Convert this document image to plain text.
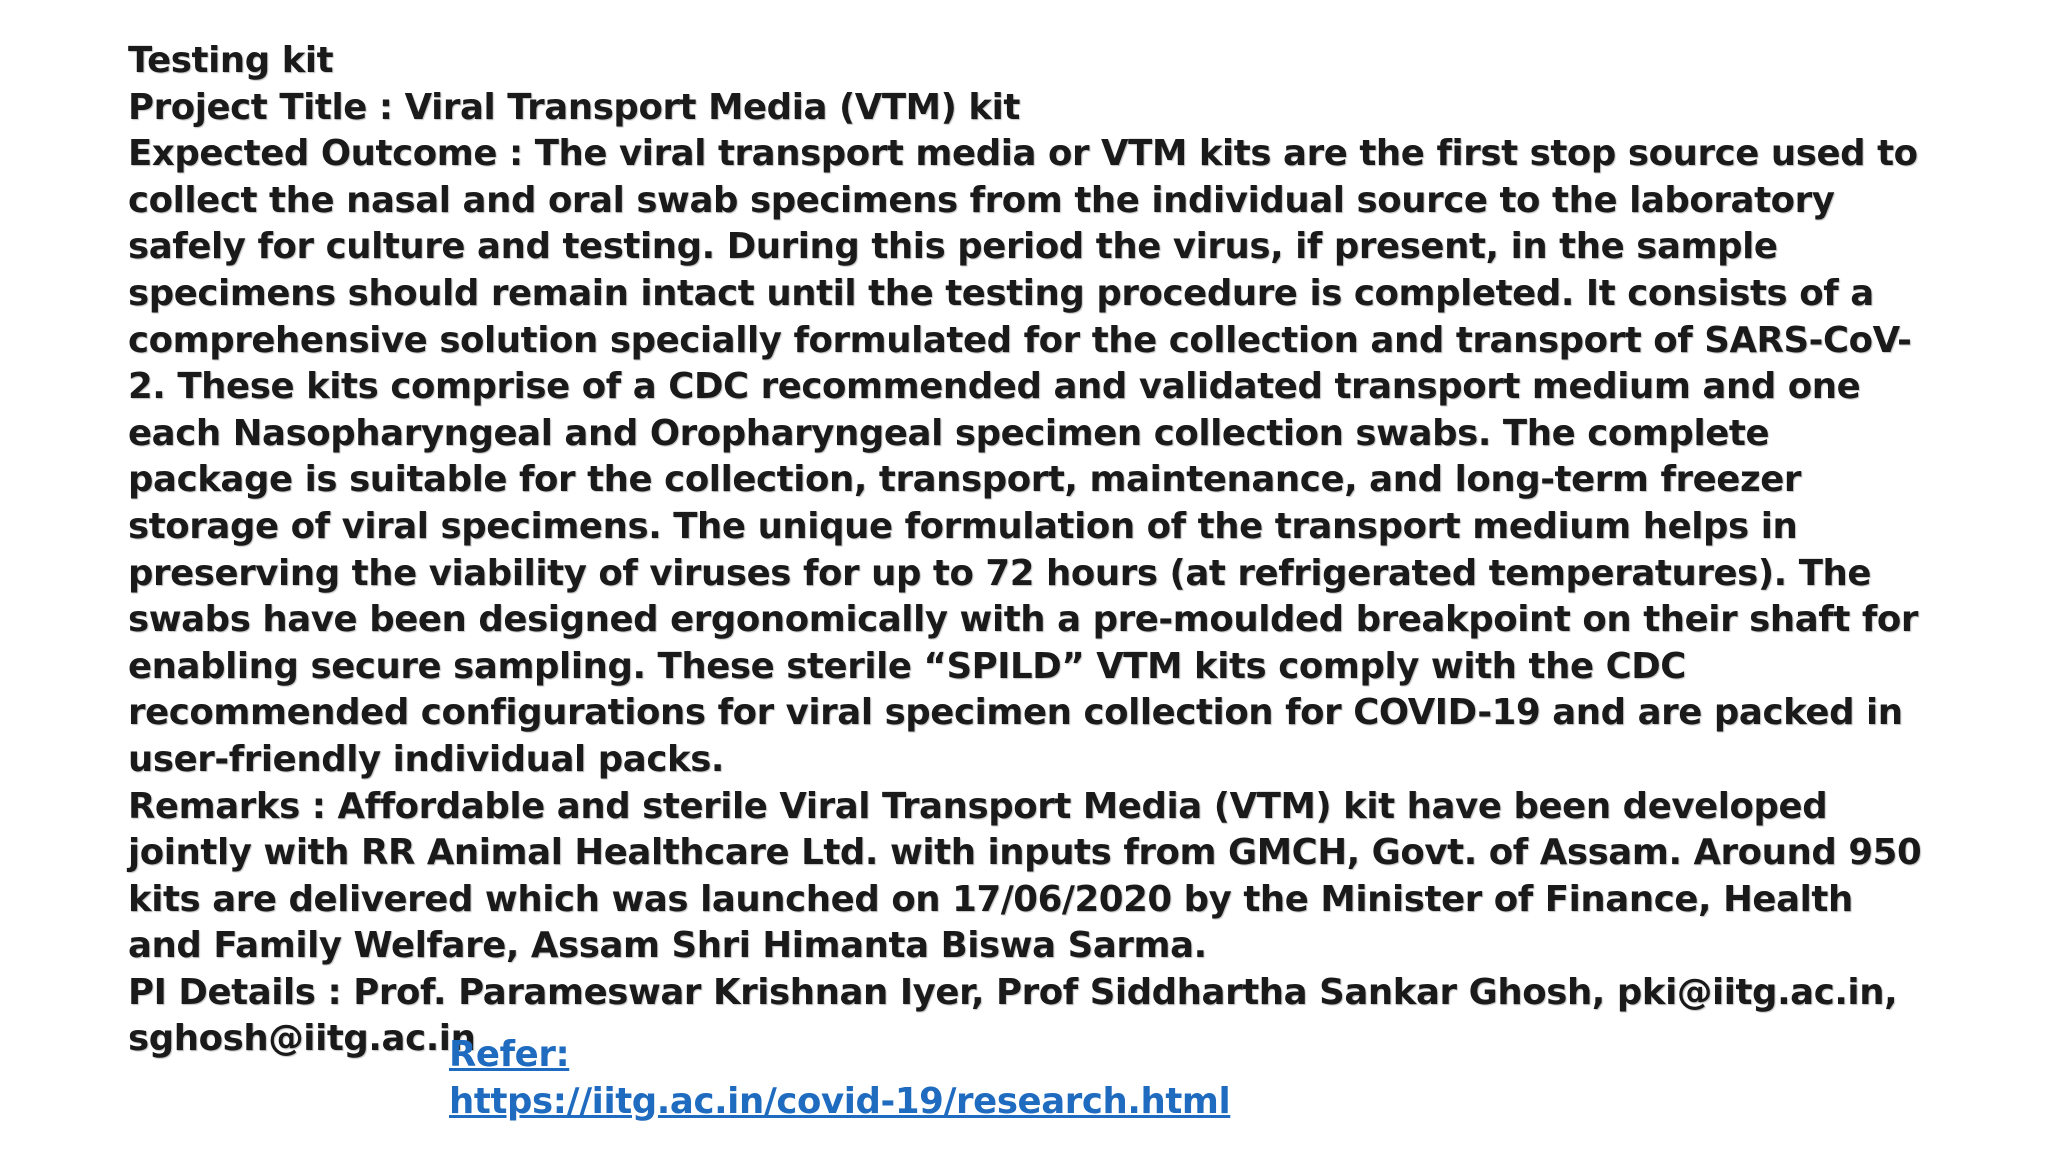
Testing kit

Project Title : Viral Transport Media (VTM) kit

Expected Outcome : The viral transport media or VTM kits are the first stop source used to collect the nasal and oral swab specimens from the individual source to the laboratory safely for culture and testing. During this period the virus, if present, in the sample specimens should remain intact until the testing procedure is completed. It consists of a comprehensive solution specially formulated for the collection and transport of SARS-CoV-2. These kits comprise of a CDC recommended and validated transport medium and one each Nasopharyngeal and Oropharyngeal specimen collection swabs. The complete package is suitable for the collection, transport, maintenance, and long-term freezer storage of viral specimens. The unique formulation of the transport medium helps in preserving the viability of viruses for up to 72 hours (at refrigerated temperatures). The swabs have been designed ergonomically with a pre-moulded breakpoint on their shaft for enabling secure sampling. These sterile “SPILD” VTM kits comply with the CDC recommended configurations for viral specimen collection for COVID-19 and are packed in user-friendly individual packs.

Remarks : Affordable and sterile Viral Transport Media (VTM) kit have been developed jointly with RR Animal Healthcare Ltd. with inputs from GMCH, Govt. of Assam. Around 950 kits are delivered which was launched on 17/06/2020 by the Minister of Finance, Health and Family Welfare, Assam Shri Himanta Biswa Sarma.

PI Details : Prof. Parameswar Krishnan Iyer, Prof Siddhartha Sankar Ghosh, pki@iitg.ac.in, sghosh@iitg.ac.in

Refer:
https://iitg.ac.in/covid-19/research.html
